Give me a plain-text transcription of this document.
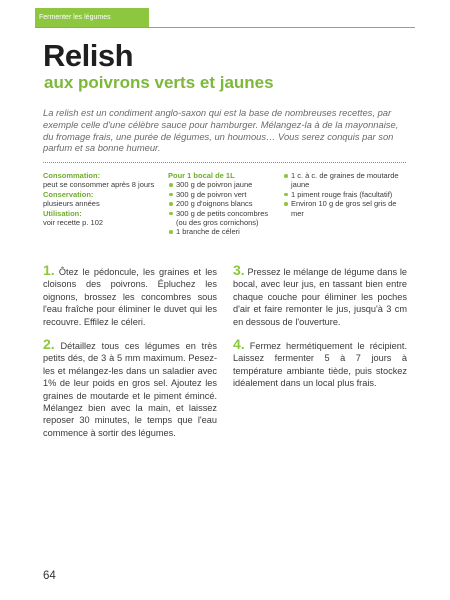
Fermenter les légumes
Relish
aux poivrons verts et jaunes

La relish est un condiment anglo-saxon qui est la base de nombreuses recettes, par exemple celle d'une célèbre sauce pour hamburger. Mélangez-la à de la mayonnaise, du fromage frais, une purée de légumes, un houmous… Vous serez conquis par son parfum et sa bonne humeur.

Consommation:
peut se consommer après 8 jours
Conservation:
plusieurs années
Utilisation:
voir recette p. 102
Pour 1 bocal de 1L
300 g de poivron jaune
300 g de poivron vert
200 g d'oignons blancs
300 g de petits concombres (ou des gros cornichons)
1 branche de céleri
1 c. à c. de graines de moutarde jaune
1 piment rouge frais (facultatif)
Environ 10 g de gros sel gris de mer
1. Ôtez le pédoncule, les graines et les cloisons des poivrons. Épluchez les oignons, brossez les concombres sous l'eau fraîche pour éliminer le duvet qui les recouvre. Effilez le céleri.
2. Détaillez tous ces légumes en très petits dés, de 3 à 5 mm maximum. Pesez-les et mélangez-les dans un saladier avec 1% de leur poids en gros sel. Ajoutez les graines de moutarde et le piment émincé. Mélangez bien avec la main, et laissez reposer 30 minutes, le temps que l'eau commence à sortir des légumes.
3. Pressez le mélange de légume dans le bocal, avec leur jus, en tassant bien entre chaque couche pour éliminer les poches d'air et faire remonter le jus, jusqu'à 3 cm en dessous de l'ouverture.
4. Fermez hermétiquement le récipient. Laissez fermenter 5 à 7 jours à température ambiante tiède, puis stockez idéalement dans un local plus frais.
64
